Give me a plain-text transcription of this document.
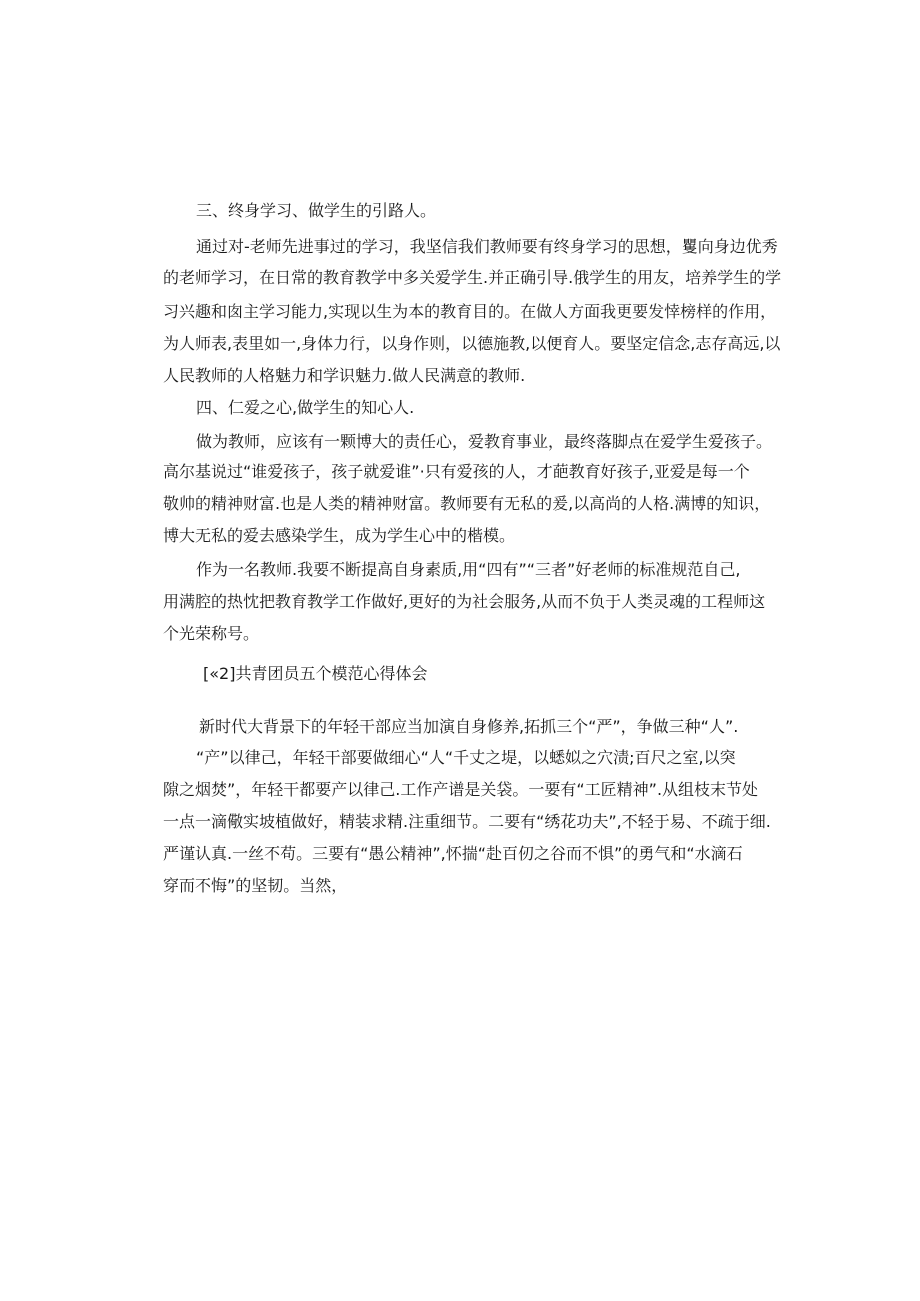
三、终身学习、做学生的引路人。
通过对-老师先进事过的学习，我坚信我们教师要有终身学习的思想，矍向身边优秀
的老师学习，在日常的教育教学中多关爱学生.并正确引导.俄学生的用友，培养学生的学
习兴趣和囱主学习能力,实现以生为本的教育目的。在做人方面我更要发悻榜样的作用，
为人师表,表里如一,身体力行，以身作则，以德施教,以便育人。要坚定信念,志存高远,以
人民教师的人格魅力和学识魅力.做人民满意的教师.
四、仁爱之心,做学生的知心人.
做为教师，应该有一颗博大的责任心，爱教育事业，最终落脚点在爱学生爱孩子。
高尔基说过“谁爱孩子，孩子就爱谁”·只有爱孩的人，才葩教育好孩子,亚爱是每一个
敬帅的精神财富.也是人类的精神财富。教师要有无私的爰,以高尚的人格.满博的知识，
博大无私的爱去感染学生，成为学生心中的楷模。
作为一名教师.我要不断提高自身素质,用“四有”“三者”好老师的标准规范自己,
用满腔的热忱把教育教学工作做好,更好的为社会服务,从而不负于人类灵魂的工程师这
个光荣称号。
[«2]共青团员五个模范心得体会
新时代大背景下的年轻干部应当加演自身修养,拓抓三个“严”，争做三种“人”.
“产”以律己，年轻干部要做细心“人“千丈之堤，以蟋姒之穴渍;百尺之室,以突
隙之烟焚”，年轻干都要产以律己.工作产谱是关袋。一要有“工匠精神”.从组枝末节处
一点一滴儆实坡植做好，精装求精.注重细节。二要有“绣花功夫”,不轻于易、不疏于细.
严谨认真.一丝不苟。三要有“愚公精神”,怀揣“赴百仞之谷而不惧”的勇气和“水滴石
穿而不悔”的坚韧。当然，
